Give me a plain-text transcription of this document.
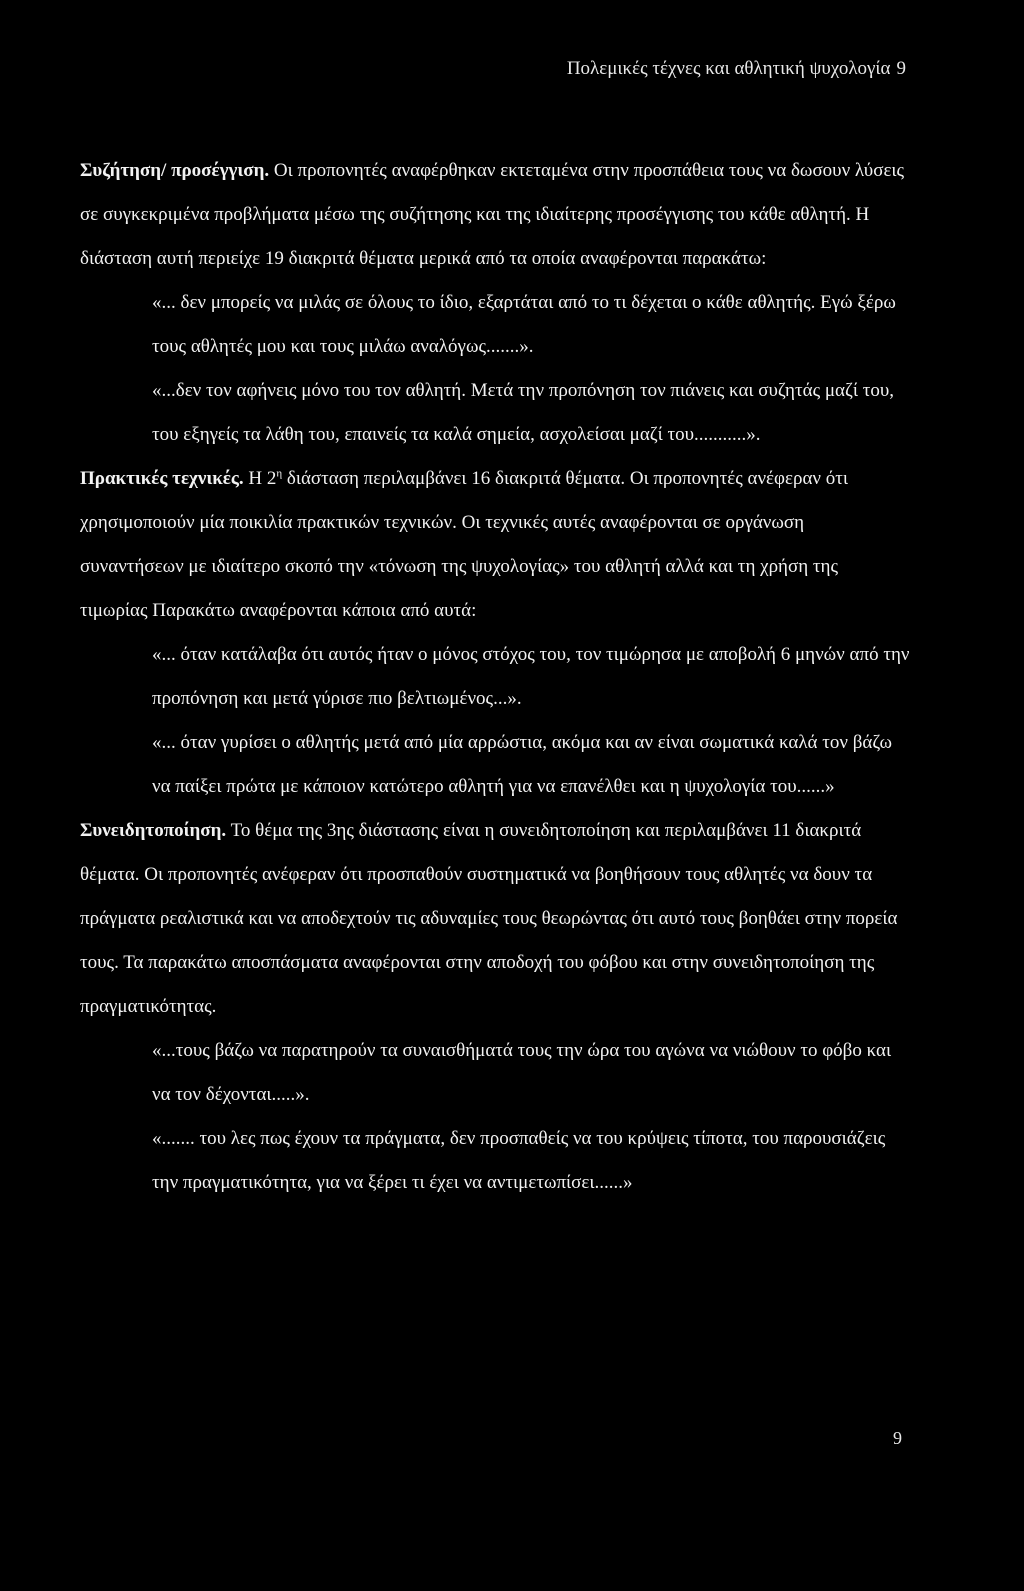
Πολεμικές τέχνες και αθλητική ψυχολογία 9

Συζήτηση/ προσέγγιση. Οι προπονητές αναφέρθηκαν εκτεταμένα στην προσπάθεια τους να δωσουν λύσεις σε συγκεκριμένα προβλήματα μέσω της συζήτησης και της ιδιαίτερης προσέγγισης του κάθε αθλητή. Η διάσταση αυτή περιείχε 19 διακριτά θέματα μερικά από τα οποία αναφέρονται παρακάτω:

«... δεν μπορείς να μιλάς σε όλους το ίδιο, εξαρτάται από το τι δέχεται ο κάθε αθλητής. Εγώ ξέρω τους αθλητές μου και τους μιλάω αναλόγως.......».

«...δεν τον αφήνεις μόνο του τον αθλητή. Μετά την προπόνηση τον πιάνεις και συζητάς μαζί του, του εξηγείς τα λάθη του, επαινείς τα καλά σημεία, ασχολείσαι μαζί του...........».

Πρακτικές τεχνικές. Η $2^\eta$ διάσταση περιλαμβάνει 16 διακριτά θέματα. Οι προπονητές ανέφεραν ότι χρησιμοποιούν μία ποικιλία πρακτικών τεχνικών. Οι τεχνικές αυτές αναφέρονται σε οργάνωση συναντήσεων με ιδιαίτερο σκοπό την «τόνωση της ψυχολογίας» του αθλητή αλλά και τη χρήση της τιμωρίας Παρακάτω αναφέρονται κάποια από αυτά:

«... όταν κατάλαβα ότι αυτός ήταν ο μόνος στόχος του, τον τιμώρησα με αποβολή 6 μηνών από την προπόνηση και μετά γύρισε πιο βελτιωμένος...».

«... όταν γυρίσει ο αθλητής μετά από μία αρρώστια, ακόμα και αν είναι σωματικά καλά τον βάζω να παίξει πρώτα με κάποιον κατώτερο αθλητή για να επανέλθει και η ψυχολογία του......»

Συνειδητοποίηση. Το θέμα της 3ης διάστασης είναι η συνειδητοποίηση και περιλαμβάνει 11 διακριτά θέματα. Οι προπονητές ανέφεραν ότι προσπαθούν συστηματικά να βοηθήσουν τους αθλητές να δουν τα πράγματα ρεαλιστικά και να αποδεχτούν τις αδυναμίες τους θεωρώντας ότι αυτό τους βοηθάει στην πορεία τους. Τα παρακάτω αποσπάσματα αναφέρονται στην αποδοχή του φόβου και στην συνειδητοποίηση της πραγματικότητας.

«...τους βάζω να παρατηρούν τα συναισθήματά τους την ώρα του αγώνα να νιώθουν το φόβο και να τον δέχονται.....».

«....... του λες πως έχουν τα πράγματα, δεν προσπαθείς να του κρύψεις τίποτα, του παρουσιάζεις την πραγματικότητα, για να ξέρει τι έχει να αντιμετωπίσει......»

9
